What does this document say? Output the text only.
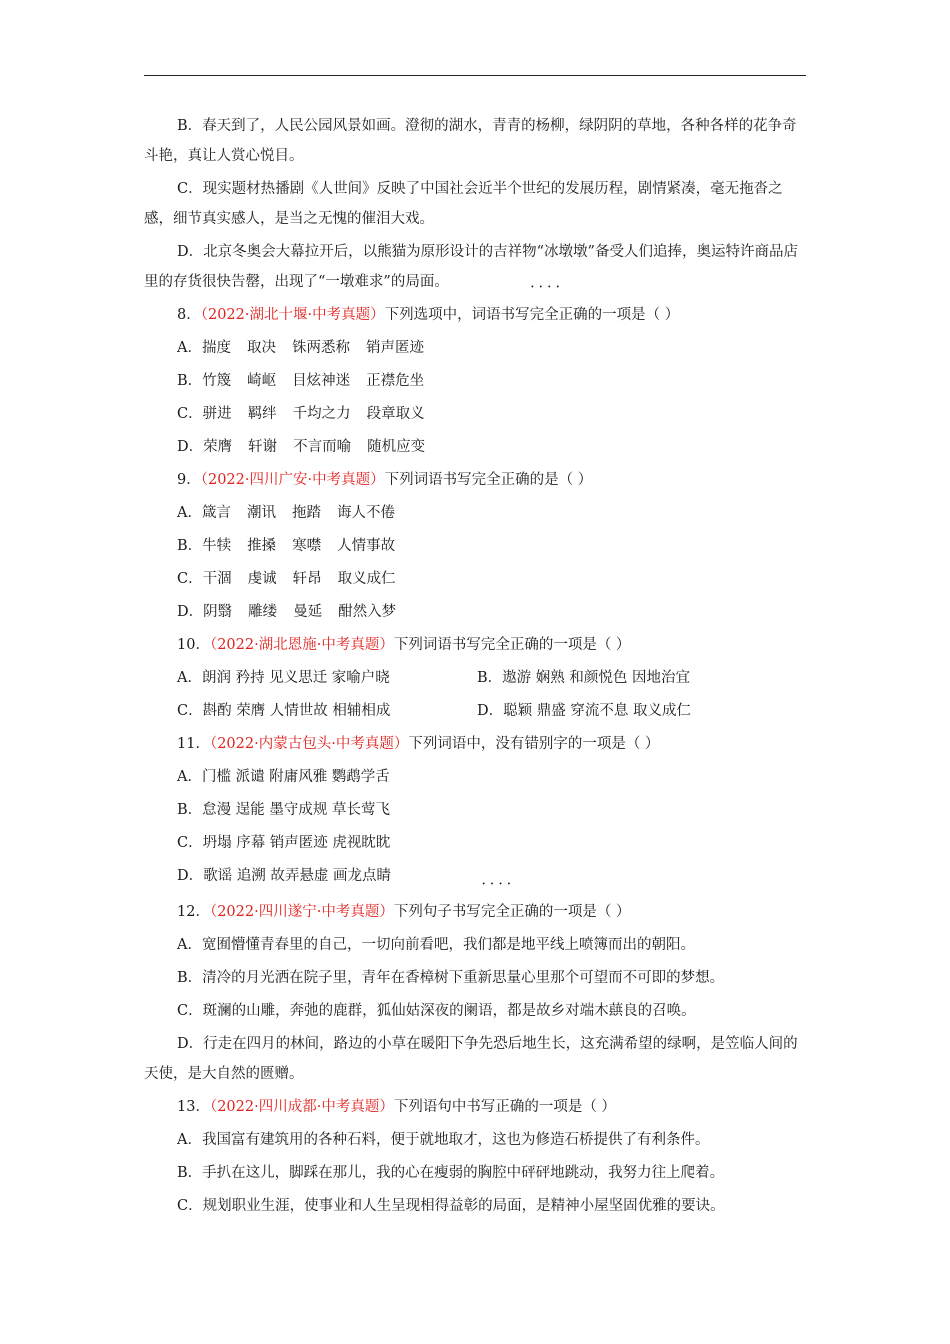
B．春天到了，人民公园风景如画。澄彻的湖水，青青的杨柳，绿阴阴的草地，各种各样的花争奇斗艳，真让人赏心悦目。

C．现实题材热播剧《人世间》反映了中国社会近半个世纪的发展历程，剧情紧凑，毫无拖沓之感，细节真实感人，是当之无愧的催泪大戏。

D．北京冬奥会大幕拉开后，以熊猫为原形设计的吉祥物“冰墩墩”备受人们追捧，奥运特许商品店里的存货很快告罄，出现了“一墩难求”的局面。

8．（2022·湖北十堰·中考真题）下列选项中，词语书写• • • • 完全正确的一项是（ ）

A．揣度 取决 铢两悉称 销声匿迹

B．竹篾 崎岖 目炫神迷 正襟危坐

C．骈进 羁绊 千均之力 段章取义

D．荣膺 轩谢 不言而喻 随机应变

9．（2022·四川广安·中考真题）下列词语书写完全正确的是（ ）

A．箴言 潮讯 拖踏 诲人不倦

B．牛犊 推搡 寒噤 人情事故

C．干涸 虔诚 轩昂 取义成仁

D．阴翳 雕缕 曼延 酣然入梦

10．（2022·湖北恩施·中考真题）下列词语书写完全正确的一项是（ ）

A．朗润 矜持 见义思迁 家喻户晓	B．遨游 娴熟 和颜悦色 因地治宜

C．斟酌 荣膺 人情世故 相辅相成	D．聪颖 鼎盛 穿流不息 取义成仁

11．（2022·内蒙古包头·中考真题）下列词语中，没有错别字的一项是（ ）

A．门槛 派谴 附庸风雅 鹦鹉学舌

B．怠漫 逞能 墨守成规 草长莺飞

C．坍塌 序幕 销声匿迹 虎视眈眈

D．歌谣 追溯 故弄悬虚 画龙点睛

12．（2022·四川遂宁·中考真题）下列句子书写• • • • 完全正确的一项是（ ）

A．宽囿懵懂青春里的自己，一切向前看吧，我们都是地平线上喷簿而出的朝阳。

B．清冷的月光洒在院子里，青年在香樟树下重新思量心里那个可望而不可即的梦想。

C．斑澜的山雕，奔弛的鹿群，狐仙姑深夜的阑语，都是故乡对端木蕻良的召唤。

D．行走在四月的林间，路边的小草在暖阳下争先恐后地生长，这充满希望的绿啊，是笠临人间的天使，是大自然的匮赠。

13．（2022·四川成都·中考真题）下列语句中书写正确的一项是（ ）

A．我国富有建筑用的各种石料，便于就地取才，这也为修造石桥提供了有利条件。

B．手扒在这儿，脚踩在那儿，我的心在瘦弱的胸腔中砰砰地跳动，我努力往上爬着。

C．规划职业生涯，使事业和人生呈现相得益彰的局面，是精神小屋坚固优雅的要诀。
